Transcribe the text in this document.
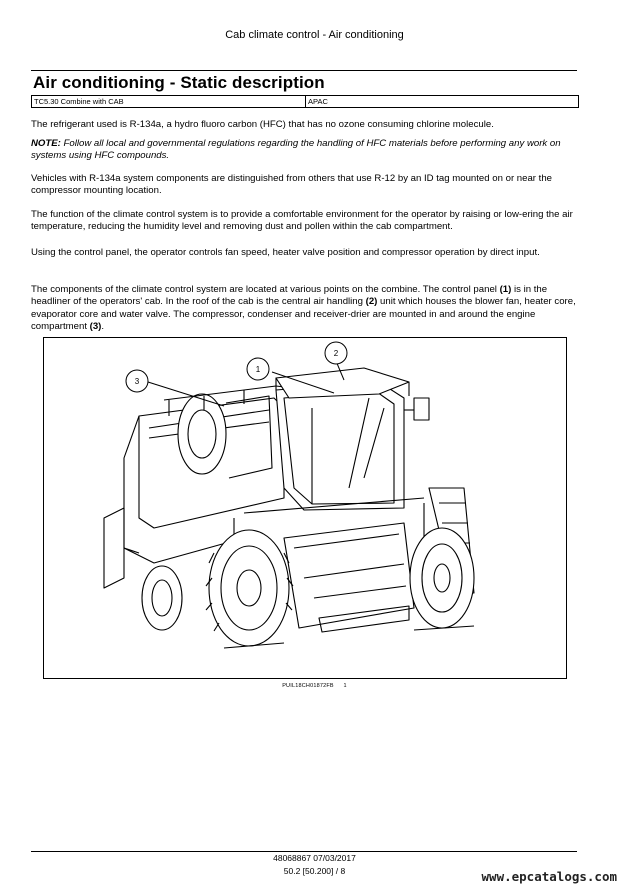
Cab climate control - Air conditioning
Air conditioning - Static description
TC5.30 Combine with CAB	APAC

The refrigerant used is R-134a, a hydro fluoro carbon (HFC) that has no ozone consuming chlorine molecule.

NOTE: Follow all local and governmental regulations regarding the handling of HFC materials before performing any work on systems using HFC compounds.

Vehicles with R-134a system components are distinguished from others that use R-12 by an ID tag mounted on or near the compressor mounting location.

The function of the climate control system is to provide a comfortable environment for the operator by raising or low-ering the air temperature, reducing the humidity level and removing dust and pollen within the cab compartment.

Using the control panel, the operator controls fan speed, heater valve position and compressor operation by direct input.

The components of the climate control system are located at various points on the combine. The control panel (1) is in the headliner of the operators' cab. In the roof of the cab is the central air handling (2) unit which houses the blower fan, heater core, evaporator core and water valve. The compressor, condenser and receiver-drier are mounted in and around the engine compartment (3).

1
2
3
PUIL18CH01872FB 1
48068867 07/03/2017
50.2 [50.200] / 8	www.epcatalogs.com
